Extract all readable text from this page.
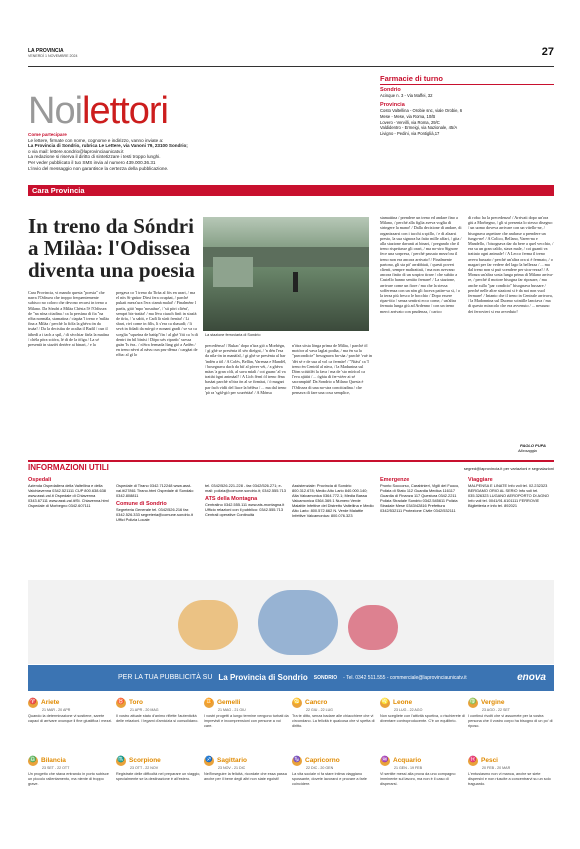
LA PROVINCIA
VENERDÌ 1 NOVEMBRE 2024	27
Noilettori
Come partecipare
Le lettere, firmate con nome, cognome e indirizzo, vanno inviate a:
La Provincia di Sondrio, rubrica Le Lettere, via Vanoni 79, 23100 Sondrio;
o via mail: lettere.sondrio@laprovinciaunicatv.it
La redazione si riserva il diritto di sintetizzare i testi troppo lunghi.
Per veder pubblicato il tuo SMS invia al numero 439.000.36.31
L'invio del messaggio non garantisce la certezza della pubblicazione.
Farmacie di turno
Sondrio
Acinque n. 3 - Via Maffei, 32
Provincia
Costo Valtellina - Orobie snc, viale Orobie, 6
Mese - Mese, via Roma, 10/B
Lovero - Vervilli, via Roma, 29/C
Valdidentro - Ermeigi, via Nazionale, 45/A
Livigno - Pedini, via Pontiglià,17
Cara Provincia
In treno da Sóndri a Milàa: l'Odissea diventa una poesia
La stazione ferroviaria di Sondrio
Cara Provincia, vi mando questa "poesia" che narra l'Odissea che troppo frequentemente subisco no coloro che devono recarsi in treno a Milano. Da Sóndri a Milàa Chèsta l'è l'Odissea de "na nòsa citadina / ca la persùna di fia "na ròba normàla, stamatina / ciapàa 'l treno e 'milàa fina a Milàa / perchè la fiòla la ghéva ön da truàa! / Da la decisiùu de acalàa il Badil / cun il àibedì a i tach a spil, / di sècchiar fàrla la matìna / chèla pöra sciòra, lé di de la öfiga / La sé presentà in stazièi derière ai binari, / e la
pregava co 'l treno da Tiràa al fös en urari, / ma el nös Si-gnùor Dìrsi fera ocupàat, / parché pukati mezz'ura l'era ciamà malat! / Finalménr l partìs, gitö 'mpo 'nosatàse', / 'sti pòri cliént', sempri bis-tratàa! / ma lèva ciaach finít in stazìà de tìrìa, / 'u sabìt, e Cadì là sùrìt frenàa! / Li sbari, rivì come in filìs, li s'era ca sbasadì; / li sevà in fidadi da mà-gò e nonant gradi / se va ca sceglia "squeìna de batùp"fin / al ghè 'fiti ca 'n di dentri ön bil bìnìsi / Döpo ués ripartìc' ssessa guàn 'Is èra.. / n'ètra fermada lùng gió a Ardèn / en treno nèvri al nàvu cun pru-dènsa / cargàat de ròba: al gì lo
precedènsa! / Rukac' dopo n'ùra gió a Morbègn, / gì ghè se presènta öl sèo dieìgni, / 'n dén l'esa da nila-ön in manàfal, / gi ghè se presènta al bar 'indèn a töl / A Colès, Bellàn, Varenaa e Mandèl, / bosegnava dach da bif al pòver véi, / a ghèva màas 'a gran còlt, al sava mìali / coi guanc' al va trattàt ògni animàal! / A Lìch fèrnì öl treno fèna basàat parchè n'ötra ön al se firmàat, / ö magari par fach vìdìi del liace la bèlèsa / ... ma dal treno 'pò ra 'sgàl-giò per scurértàa! / A Mónsa
n'ötra sòsta lönga prìma de Milàa, / parchè öl motóor al vava laglat podàa, / ma èn su la "parcondicie" besognava ba-sàa / parchè 'vuè in 'dèt sé e de sua al vol ca fermàe! / "Ntàst' ca 'I treno èn Centràl al nàva, / la Madunina sul Dòm sciüttlèi la fava / ma de 'sto mìrìcol ca l'eva ajütàt / ... ögàiu di fer-vièer ai sé sacrampàtt! Da Sondrio a Milano Questa è l'Odissea di una no-stra concittadina / che pensava di fare una cosa semplice,
stamattina / prendere un treno ed andare fino a Milano, / perché alla figlia aveva voglia di stringere la mano! / Dalla decisione di andare, di organizzarsi con i tacchi a spillo, / e di alzarsi presto, la sua signora ha fatto mille affari, / gita / alla stazione davanti ai binari, / pregando che il treno rispettasse gli orari, / ma no-stro Signore fece una sorpresa, / perché passato mezz'ora il treno non era ancora arrivato! / Finalmente partono, gli sta pò' arrabbiati, / questi poveri clienti, sempre maltrattati, / ma non avevano ancora finito di un sospiro tirare / che subito a Castello hanno sentito frenare! / La stazione, arrivare come un fiore / ma che la stessa sofferenza con un nòn gli faceva patire-sa sì, / o la terza più fresco le bocchio / Dopo essere ripar-tito / senza sentirsi ecco come, / un'altra fermata lunga giù ad Ardenno / con un treno merci arrivato con prudenza, / carico
di roba: ha la precedenza! / Arrivati dopo un'ora giù a Morbegno, / gli si presenta lo stesso disegno: / un uomo doveva arrivare con un vitello-ne, / bisognava aspettare che andasse a prendere un fungo-ne! / A Colico, Bellano, Varen-na e Mandello, / bisognava dar da bere a quel vecchio, / era su un gran caldo, stava male, / coi guanti va trattato ogni animale! / A Lecco ferma il treno aveva bussato / perché un'altra ora si è fermato, / o magari per far vedere del lago la bellezza / ... ma dal treno non si può scendere per sicu-rezza! / A Monza un'altra sosta lunga prima di Milano arriva-re, / perché il motore bisogna far riposare, / ma anche sulla "par condicio" bisognava bussare / perché nelle altre stazioni si è da noi non vuol fermare! / Intanto che il treno in Centrale arrivava, / la Madonnina sul Duomo scintille lanciava / ma di questo miracolo che era avvenuto / ... nessuno dei ferrovieri si era avveduto!
PAOLO PUPA
Albosaggia
INFORMAZIONI UTILI	segred@laprovincia.it per variazioni e segnalazioni
Ospedali
Azienda Ospedaliera della Valtellina e della Valchiavenna 0342.521111 CUP 800.638.638 www.asst-val.it Ospedale di Chiavenna 0343.67111 www.asst-val.it/St. Chiavenna.html Ospedale di Morbegno 0342.607111
Ospedale di Tirano 0342.712248 www.asst-val.it/27861 Tirano.html Ospedale di Sondalo 0342.808811
Comune di Sondrio
Segreteria Generale tel. 0342/526.216 fax 0342.526.333 segreteria@comune.sondrio.it Uffici Polizia Locale
tel. 0342/526.221-228 - fax 0342/526.271; e-mail: polizia@comune.sondrio.it; 0342.555.713
ATS della Montagna
Centralino 0342.555.111 www.ats-montagna.it Ufficio relazioni con il pubblico: 0342.555.713 Centrali operative Continuità
Assistenziale: Provincia di Sondrio 800.312.678; Medio Alto Lario 840.000.140; Alta Valcamonica 0364.772.1; Media Bassa Valcamonica 0364.369.1 Numero Verde Malattie Infettive del Distretto Valtellina e Medio Alto Lario: 800.572.662 N. Verde Malattie Infettive Valcamonica: 800.076.323
Emergenze
Pronto Soccorso, Carabinieri, Vigili del Fuoco, Polizia di Stato 112 Guardia Medica 116117 Guardia di Finanza 117 Questura 0342.2211 Polizia Stradale Sondrio 0342.545611 Polizia Stradale Mese 0343/42816 Prefettura 0342/532111 Protezione Civile 0342/532111
Viaggiare
MALPENSA E LINATE Info voli tel. 02.232323 BERGAMO ORIO AL SERIO Info voli tel. 035.326323 LUGANO AEROPORTO DI AGNO Info voli tel. 0041/91.6101111 FERROVIE Biglietteria e info tel. 892021
PER LA TUA PUBBLICITÀ SU La Provincia di Sondrio SONDRIO - Tel. 0342 511.555 - commerciale@laprovinciaunicatv.it	enova
♈ Ariete
21 MAR - 20 APR
Quando la determinazione vi sostiene, sarete capaci di arrivare ovunque il fine giustifica i mezzi.
♉ Toro
21 APR - 20 MAG
Il vostro attuale stato d'animo riflette l'autenticità delle relazioni. I legami d'amicizia si consolidano.
♊ Gemelli
21 MAG - 21 GIU
I vostri progetti a lungo termine vengono turbati da imprevisti e incomprensioni con persone a voi care.
♋ Cancro
22 GIU - 22 LUG
Tra te ditto, senza badare alle chiacchiere che vi circondano. La felicità è qualcosa che vi spetta di diritto.
♌ Leone
23 LUG - 22 AGO
Non scegliete con l'attività sportiva, o rischierete di diventare controproducente. C'è un equilibrio.
♍ Vergine
23 AGO - 22 SET
I continui rivolti che vi assumete per la vostra persona che il vostro corpo ha bisogno di un po' di riposo.
♎ Bilancia
23 SET - 22 OTT
Un progetto che stava entrando in porto subisce un piccolo rallentamento, ma niente di troppo grave.
♏ Scorpione
23 OTT - 22 NOV
Registrate delle difficoltà nel preparare un viaggio, specialmente se la destinazione è all'estero.
♐ Sagittario
23 NOV - 21 DIC
Nell'inseguire la felicità, ricordate che essa passa anche per il bene degli altri non siate egoisti!
♑ Capricorno
22 DIC - 20 GEN
La vita sociale vi fa stare intima viaggiano spossante, dovete lavorarci e provare a farle coincidere.
♒ Acquario
21 GEN - 19 FEB
Vi sentite messi alla prova da uno compagno imminente sul lavoro, ma non è il caso di disperarsi.
♓ Pesci
20 FEB - 20 MAR
L'entusiasmo non vi manca, anche se siete dispersivi e non riuscite a concentrarvi su un solo traguardo.
